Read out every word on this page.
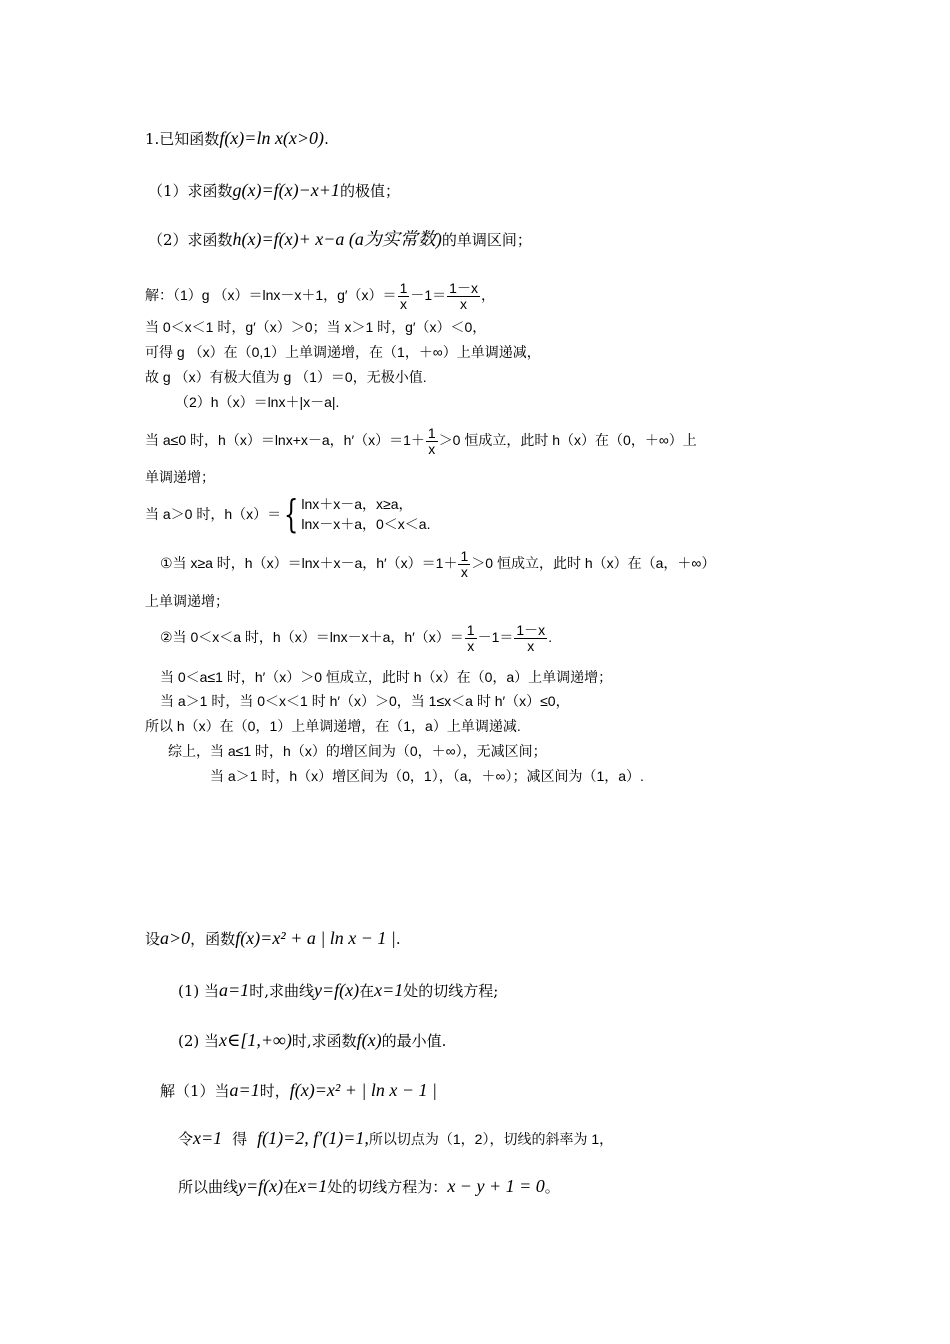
1.已知函数f(x)=ln x(x>0).
（1）求函数g(x)=f(x)−x+1的极值；
（2）求函数h(x)=f(x)+ x−a (a为实常数)的单调区间；
解：（1）g （x）＝lnx－x＋1，$g'(x)= \frac{1}{x} -1= \frac{1-x}{x}$ ，
当 0＜x＜1 时，g′（x）＞0；当 x＞1 时，g′（x）＜0，
可得 g （x）在（0,1）上单调递增，在（1，＋∞）上单调递减，
故 g （x）有极大值为 g （1）＝0，无极小值.
（2）h（x）＝lnx＋|x－a|.
当 a≤0 时，h（x）＝lnx+x－a，$h'(x)=1+ \frac{1}{x} >0$ 恒成立，此时 h（x）在（0，＋∞）上
单调递增；
当 a＞0 时，h（x）＝{ lnx＋x－a，x≥a，
lnx－x＋a，0＜x＜a.
①当 x≥a 时，h（x）＝lnx＋x－a，$h'(x)=1+ \frac{1}{x} >0$ 恒成立，此时 h（x）在（a，＋∞）
上单调递增；
②当 0＜x＜a 时，h（x）＝lnx－x＋a，$h'(x)= \frac{1}{x} -1= \frac{1-x}{x}$ .
当 0＜a≤1 时，h′（x）＞0 恒成立，此时 h（x）在（0，a）上单调递增；
当 a＞1 时，当 0＜x＜1 时 h′（x）＞0，当 1≤x＜a 时 h′（x）≤0，
所以 h（x）在（0，1）上单调递增，在（1，a）上单调递减.
综上，当 a≤1 时，h（x）的增区间为（0，＋∞），无减区间；
当 a＞1 时，h（x）增区间为（0，1），（a，＋∞）；减区间为（1，a）.
设a>0，函数f(x)=x² + a | ln x − 1 |.
(1) 当a=1时,求曲线y=f(x)在x=1处的切线方程;
(2) 当x∈[1,+∞)时,求函数f(x)的最小值.
解（1）当a=1时，f(x)=x² + | ln x − 1 |
令x=1 得 f(1)=2, f′(1)=1,所以切点为（1，2），切线的斜率为 1，
所以曲线y=f(x)在x=1处的切线方程为：x − y + 1 = 0。
